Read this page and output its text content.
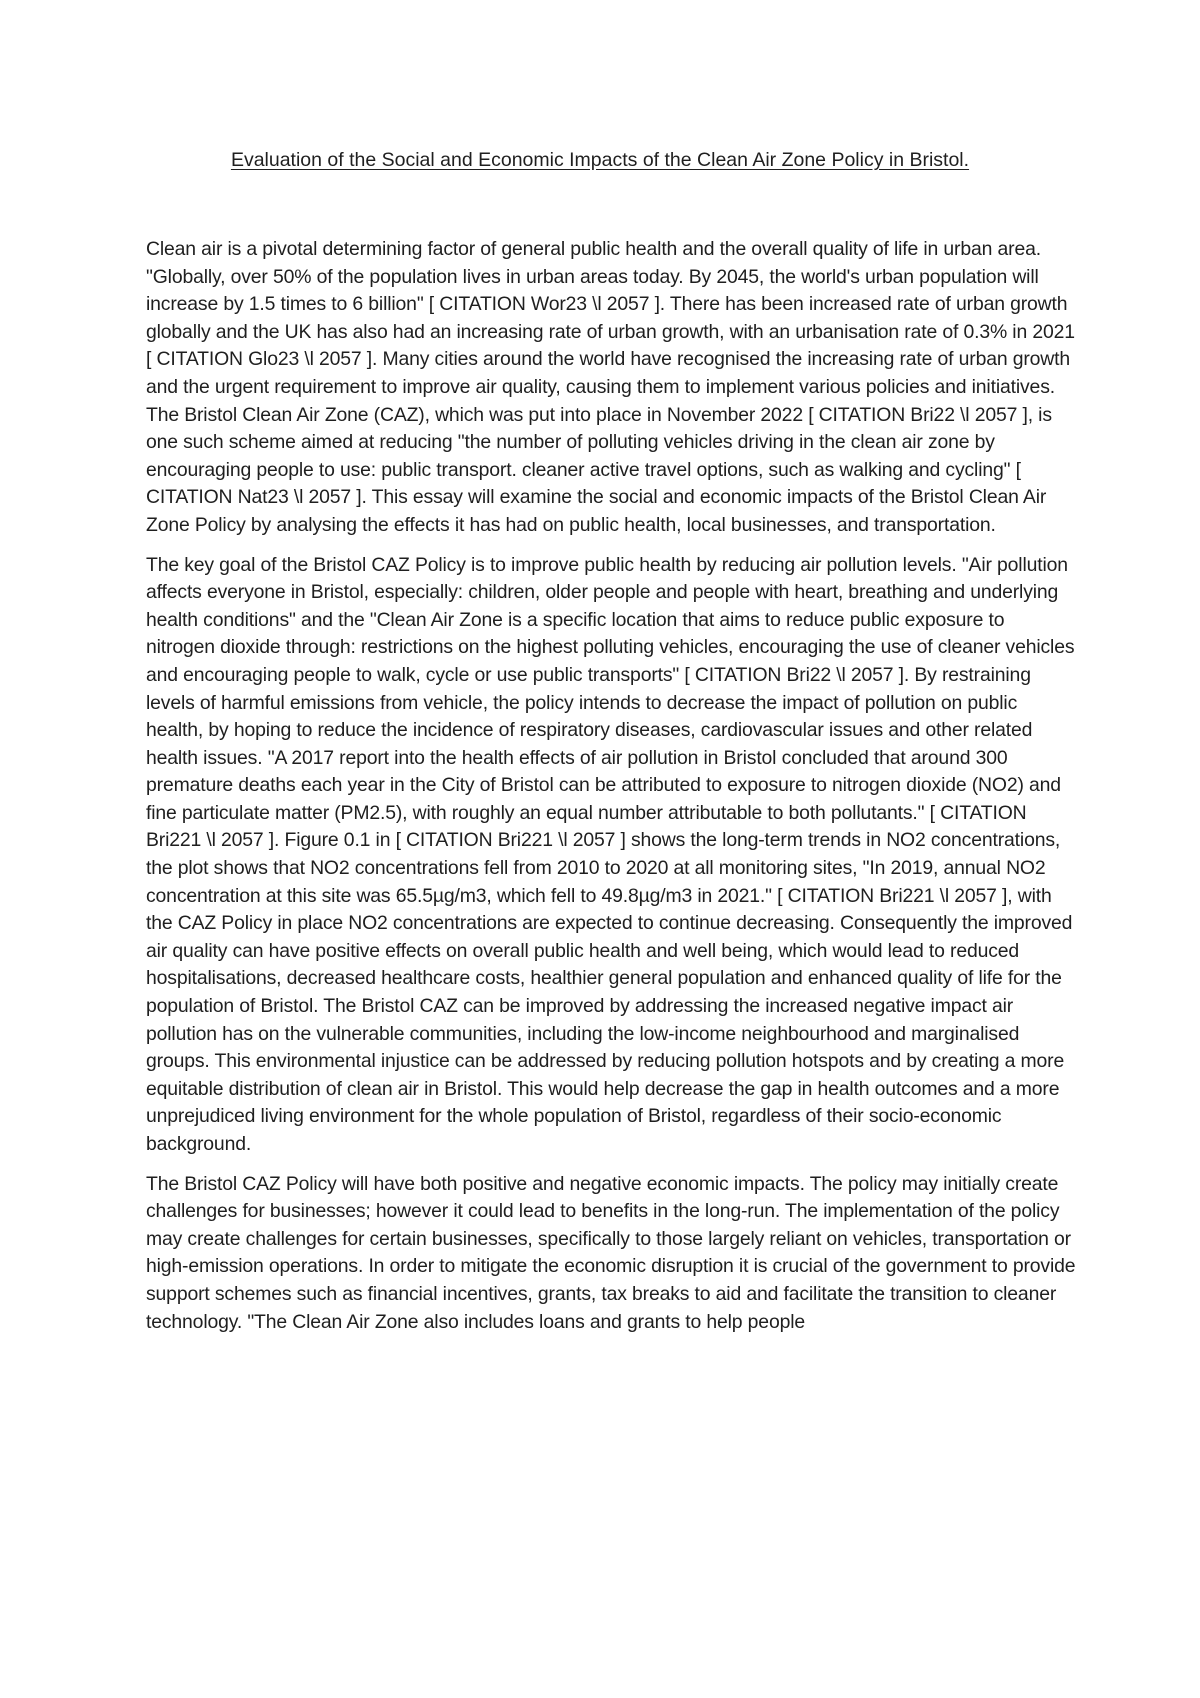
Evaluation of the Social and Economic Impacts of the Clean Air Zone Policy in Bristol.

Clean air is a pivotal determining factor of general public health and the overall quality of life in urban area. "Globally, over 50% of the population lives in urban areas today. By 2045, the world's urban population will increase by 1.5 times to 6 billion" [ CITATION Wor23 \l 2057 ]. There has been increased rate of urban growth globally and the UK has also had an increasing rate of urban growth, with an urbanisation rate of 0.3% in 2021 [ CITATION Glo23 \l 2057 ]. Many cities around the world have recognised the increasing rate of urban growth and the urgent requirement to improve air quality, causing them to implement various policies and initiatives. The Bristol Clean Air Zone (CAZ), which was put into place in November 2022 [ CITATION Bri22 \l 2057 ], is one such scheme aimed at reducing "the number of polluting vehicles driving in the clean air zone by encouraging people to use: public transport. cleaner active travel options, such as walking and cycling" [ CITATION Nat23 \l 2057 ]. This essay will examine the social and economic impacts of the Bristol Clean Air Zone Policy by analysing the effects it has had on public health, local businesses, and transportation.

The key goal of the Bristol CAZ Policy is to improve public health by reducing air pollution levels. "Air pollution affects everyone in Bristol, especially: children, older people and people with heart, breathing and underlying health conditions" and the "Clean Air Zone is a specific location that aims to reduce public exposure to nitrogen dioxide through: restrictions on the highest polluting vehicles, encouraging the use of cleaner vehicles and encouraging people to walk, cycle or use public transports" [ CITATION Bri22 \l 2057 ]. By restraining levels of harmful emissions from vehicle, the policy intends to decrease the impact of pollution on public health, by hoping to reduce the incidence of respiratory diseases, cardiovascular issues and other related health issues. "A 2017 report into the health effects of air pollution in Bristol concluded that around 300 premature deaths each year in the City of Bristol can be attributed to exposure to nitrogen dioxide (NO2) and fine particulate matter (PM2.5), with roughly an equal number attributable to both pollutants." [ CITATION Bri221 \l 2057 ]. Figure 0.1 in [ CITATION Bri221 \l 2057 ] shows the long-term trends in NO2 concentrations, the plot shows that NO2 concentrations fell from 2010 to 2020 at all monitoring sites, "In 2019, annual NO2 concentration at this site was 65.5µg/m3, which fell to 49.8µg/m3 in 2021." [ CITATION Bri221 \l 2057 ], with the CAZ Policy in place NO2 concentrations are expected to continue decreasing. Consequently the improved air quality can have positive effects on overall public health and well being, which would lead to reduced hospitalisations, decreased healthcare costs, healthier general population and enhanced quality of life for the population of Bristol. The Bristol CAZ can be improved by addressing the increased negative impact air pollution has on the vulnerable communities, including the low-income neighbourhood and marginalised groups. This environmental injustice can be addressed by reducing pollution hotspots and by creating a more equitable distribution of clean air in Bristol. This would help decrease the gap in health outcomes and a more unprejudiced living environment for the whole population of Bristol, regardless of their socio-economic background.

The Bristol CAZ Policy will have both positive and negative economic impacts. The policy may initially create challenges for businesses; however it could lead to benefits in the long-run. The implementation of the policy may create challenges for certain businesses, specifically to those largely reliant on vehicles, transportation or high-emission operations. In order to mitigate the economic disruption it is crucial of the government to provide support schemes such as financial incentives, grants, tax breaks to aid and facilitate the transition to cleaner technology. "The Clean Air Zone also includes loans and grants to help people
